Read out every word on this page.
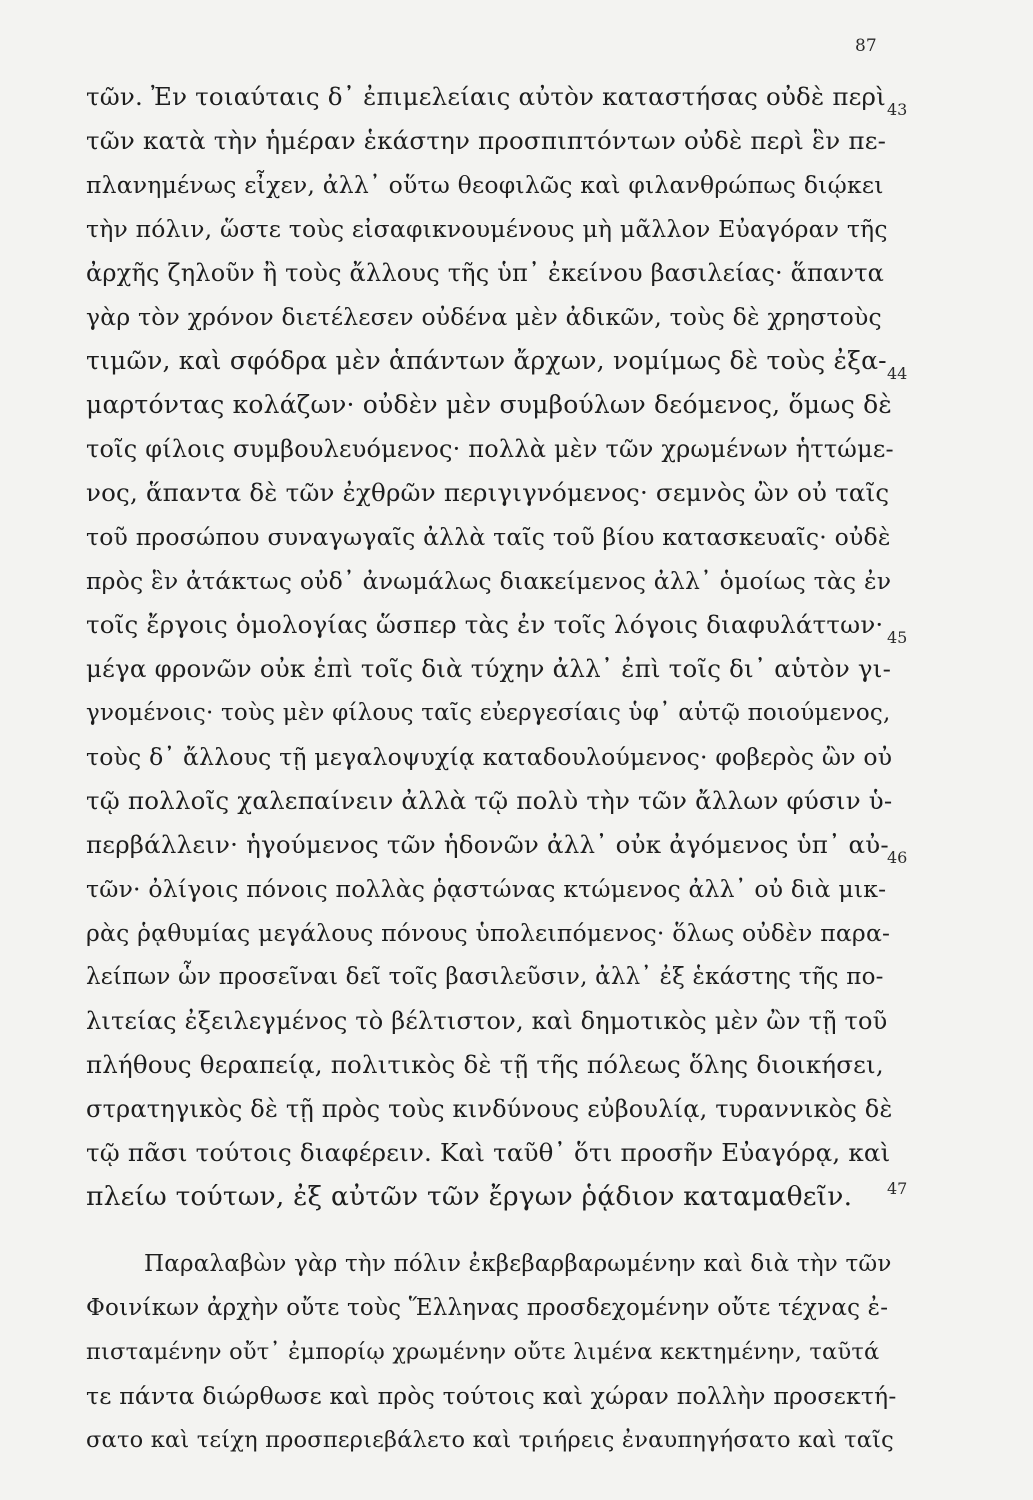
87
τῶν. Ἐν τοιαύταις δ᾽ ἐπιμελείαις αὐτὸν καταστήσας οὐδὲ περὶ
τῶν κατὰ τὴν ἡμέραν ἑκάστην προσπιπτόντων οὐδὲ περὶ ἓν πε-
πλανημένως εἶχεν, ἀλλ᾽ οὕτω θεοφιλῶς καὶ φιλανθρώπως διῴκει
τὴν πόλιν, ὥστε τοὺς εἰσαφικνουμένους μὴ μᾶλλον Εὐαγόραν τῆς
ἀρχῆς ζηλοῦν ἢ τοὺς ἄλλους τῆς ὑπ᾽ ἐκείνου βασιλείας· ἅπαντα
γὰρ τὸν χρόνον διετέλεσεν οὐδένα μὲν ἀδικῶν, τοὺς δὲ χρηστοὺς
τιμῶν, καὶ σφόδρα μὲν ἁπάντων ἄρχων, νομίμως δὲ τοὺς ἐξα-
μαρτόντας κολάζων· οὐδὲν μὲν συμβούλων δεόμενος, ὅμως δὲ
τοῖς φίλοις συμβουλευόμενος· πολλὰ μὲν τῶν χρωμένων ἡττώμε-
νος, ἅπαντα δὲ τῶν ἐχθρῶν περιγιγνόμενος· σεμνὸς ὢν οὐ ταῖς
τοῦ προσώπου συναγωγαῖς ἀλλὰ ταῖς τοῦ βίου κατασκευαῖς· οὐδὲ
πρὸς ἓν ἀτάκτως οὐδ᾽ ἀνωμάλως διακείμενος ἀλλ᾽ ὁμοίως τὰς ἐν
τοῖς ἔργοις ὁμολογίας ὥσπερ τὰς ἐν τοῖς λόγοις διαφυλάττων·
μέγα φρονῶν οὐκ ἐπὶ τοῖς διὰ τύχην ἀλλ᾽ ἐπὶ τοῖς δι᾽ αὑτὸν γι-
γνομένοις· τοὺς μὲν φίλους ταῖς εὐεργεσίαις ὑφ᾽ αὑτῷ ποιούμενος,
τοὺς δ᾽ ἄλλους τῇ μεγαλοψυχίᾳ καταδουλούμενος· φοβερὸς ὢν οὐ
τῷ πολλοῖς χαλεπαίνειν ἀλλὰ τῷ πολὺ τὴν τῶν ἄλλων φύσιν ὑ-
περβάλλειν· ἡγούμενος τῶν ἡδονῶν ἀλλ᾽ οὐκ ἀγόμενος ὑπ᾽ αὐ-
τῶν· ὀλίγοις πόνοις πολλὰς ῥᾳστώνας κτώμενος ἀλλ᾽ οὐ διὰ μικ-
ρὰς ῥᾳθυμίας μεγάλους πόνους ὑπολειπόμενος· ὅλως οὐδὲν παρα-
λείπων ὧν προσεῖναι δεῖ τοῖς βασιλεῦσιν, ἀλλ᾽ ἐξ ἑκάστης τῆς πο-
λιτείας ἐξειλεγμένος τὸ βέλτιστον, καὶ δημοτικὸς μὲν ὢν τῇ τοῦ
πλήθους θεραπείᾳ, πολιτικὸς δὲ τῇ τῆς πόλεως ὅλης διοικήσει,
στρατηγικὸς δὲ τῇ πρὸς τοὺς κινδύνους εὐβουλίᾳ, τυραννικὸς δὲ
τῷ πᾶσι τούτοις διαφέρειν. Καὶ ταῦθ᾽ ὅτι προσῆν Εὐαγόρᾳ, καὶ
πλείω τούτων, ἐξ αὐτῶν τῶν ἔργων ῥᾴδιον καταμαθεῖν.
Παραλαβὼν γὰρ τὴν πόλιν ἐκβεβαρβαρωμένην καὶ διὰ τὴν τῶν
Φοινίκων ἀρχὴν οὔτε τοὺς Ἕλληνας προσδεχομένην οὔτε τέχνας ἐ-
πισταμένην οὔτ᾽ ἐμπορίῳ χρωμένην οὔτε λιμένα κεκτημένην, ταῦτά
τε πάντα διώρθωσε καὶ πρὸς τούτοις καὶ χώραν πολλὴν προσεκτή-
σατο καὶ τείχη προσπεριεβάλετο καὶ τριήρεις ἐναυπηγήσατο καὶ ταῖς
43
44
45
46
47
